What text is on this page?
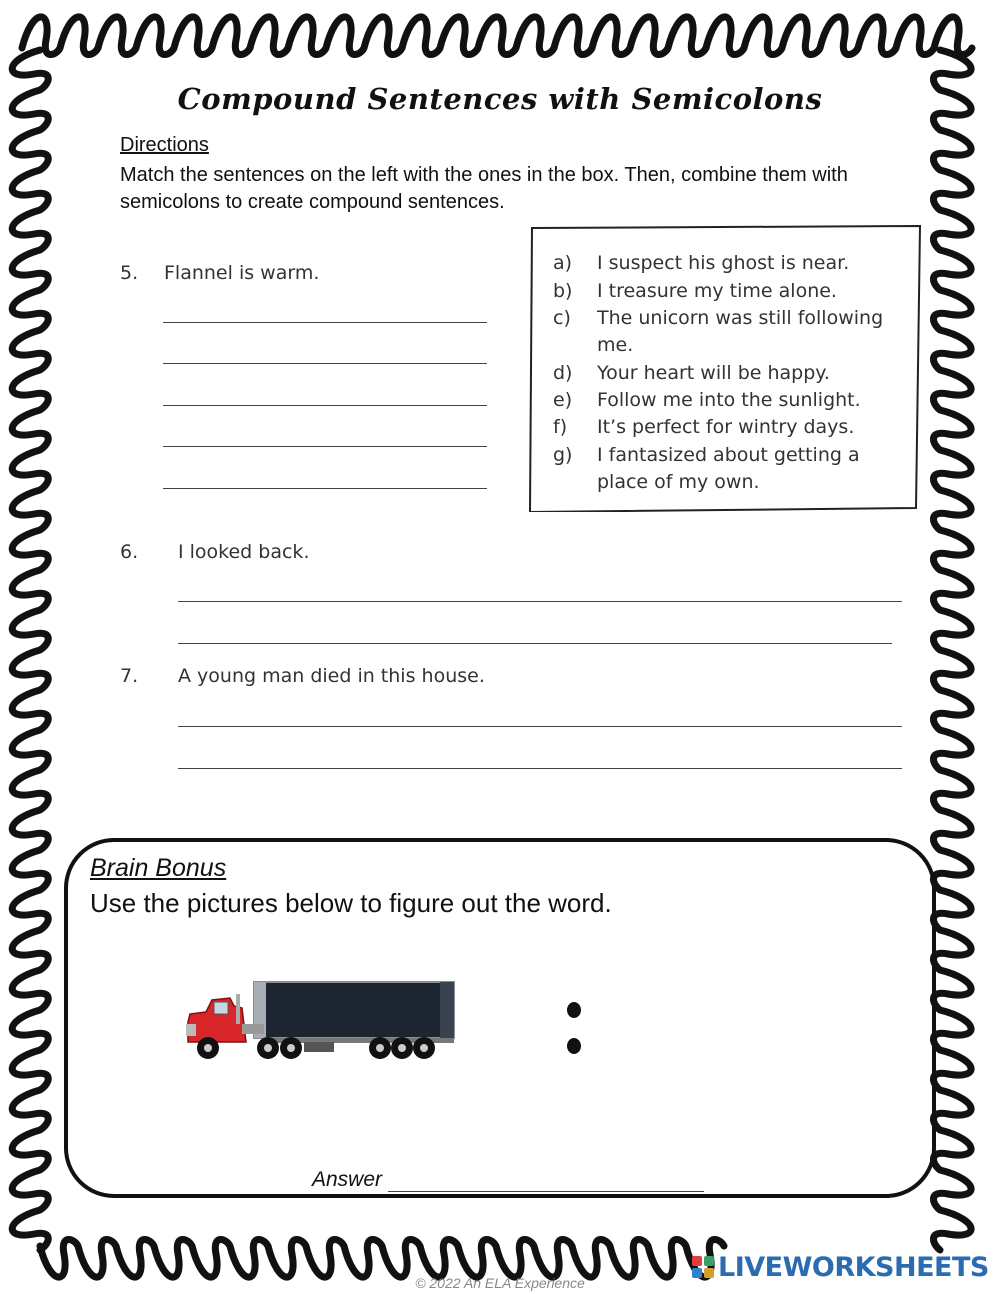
Compound Sentences with Semicolons
Directions
Match the sentences on the left with the ones in the box. Then, combine them with semicolons to create compound sentences.
5. Flannel is warm.	a) I suspect his ghost is near.
b) I treasure my time alone.
c) The unicorn was still following
me.
d) Your heart will be happy.
e) Follow me into the sunlight.
f) It’s perfect for wintry days.
g) I fantasized about getting a
place of my own.
6. I looked back.
7. A young man died in this house.
Brain Bonus
Use the pictures below to figure out the word.
Answer
© 2022 An ELA Experience
LIVEWORKSHEETS
